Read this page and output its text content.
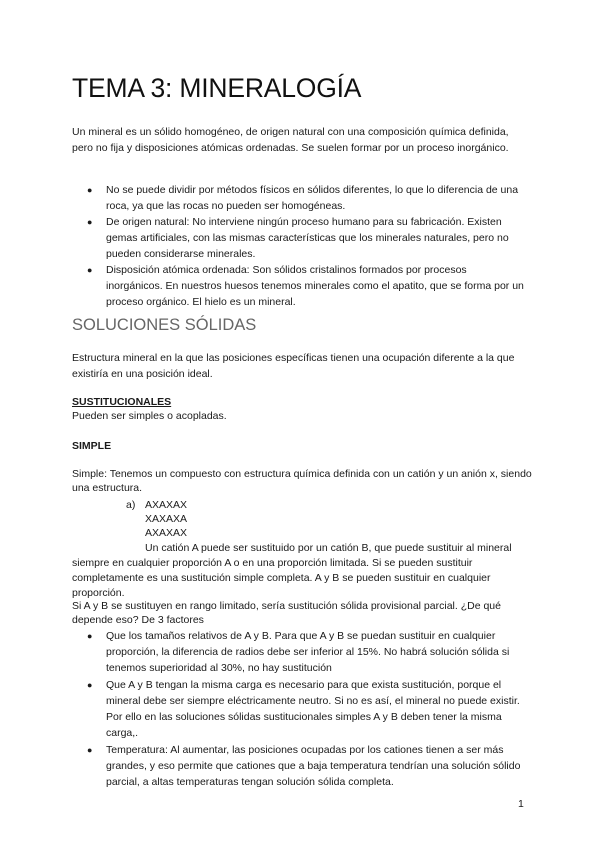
TEMA 3: MINERALOGÍA

Un mineral es un sólido homogéneo, de origen natural con una composición química definida, pero no fija y disposiciones atómicas ordenadas. Se suelen formar por un proceso inorgánico.

● No se puede dividir por métodos físicos en sólidos diferentes, lo que lo diferencia de una roca, ya que las rocas no pueden ser homogéneas.
● De origen natural: No interviene ningún proceso humano para su fabricación. Existen gemas artificiales, con las mismas características que los minerales naturales, pero no pueden considerarse minerales.
● Disposición atómica ordenada: Son sólidos cristalinos formados por procesos inorgánicos. En nuestros huesos tenemos minerales como el apatito, que se forma por un proceso orgánico. El hielo es un mineral.
SOLUCIONES SÓLIDAS

Estructura mineral en la que las posiciones específicas tienen una ocupación diferente a la que existiría en una posición ideal.

SUSTITUCIONALES

Pueden ser simples o acopladas.

SIMPLE

Simple: Tenemos un compuesto con estructura química definida con un catión y un anión x, siendo una estructura.

a) AXAXAX
XAXAXA
AXAXAX

Un catión A puede ser sustituido por un catión B, que puede sustituir al mineral siempre en cualquier proporción A o en una proporción limitada. Si se pueden sustituir completamente es una sustitución simple completa. A y B se pueden sustituir en cualquier proporción.

Si A y B se sustituyen en rango limitado, sería sustitución sólida provisional parcial. ¿De qué depende eso? De 3 factores

● Que los tamaños relativos de A y B. Para que A y B se puedan sustituir en cualquier proporción, la diferencia de radios debe ser inferior al 15%. No habrá solución sólida si tenemos superioridad al 30%, no hay sustitución
● Que A y B tengan la misma carga es necesario para que exista sustitución, porque el mineral debe ser siempre eléctricamente neutro. Si no es así, el mineral no puede existir. Por ello en las soluciones sólidas sustitucionales simples A y B deben tener la misma carga,.
● Temperatura: Al aumentar, las posiciones ocupadas por los cationes tienen a ser más grandes, y eso permite que cationes que a baja temperatura tendrían una solución sólido parcial, a altas temperaturas tengan solución sólida completa.
1
